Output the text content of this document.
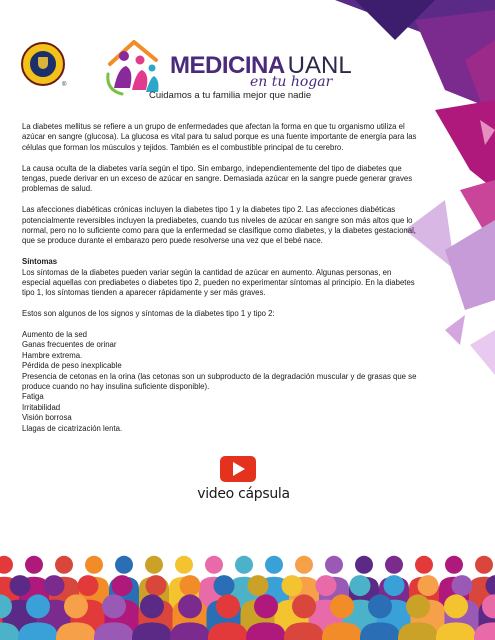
®
MEDICINA UANL
en tu hogar
Cuidamos a tu familia mejor que nadie

La diabetes mellitus se refiere a un grupo de enfermedades que afectan la forma en que tu organismo utiliza el azúcar en sangre (glucosa). La glucosa es vital para tu salud porque es una fuente importante de energía para las células que forman los músculos y tejidos. También es el combustible principal de tu cerebro.

La causa oculta de la diabetes varía según el tipo. Sin embargo, independientemente del tipo de diabetes que tengas, puede derivar en un exceso de azúcar en sangre. Demasiada azúcar en la sangre puede generar graves problemas de salud.

Las afecciones diabéticas crónicas incluyen la diabetes tipo 1 y la diabetes tipo 2. Las afecciones diabéticas potencialmente reversibles incluyen la prediabetes, cuando tus niveles de azúcar en sangre son más altos que lo normal, pero no lo suficiente como para que la enfermedad se clasifique como diabetes, y la diabetes gestacional, que se produce durante el embarazo pero puede resolverse una vez que el bebé nace.

Síntomas

Los síntomas de la diabetes pueden variar según la cantidad de azúcar en aumento. Algunas personas, en especial aquellas con prediabetes o diabetes tipo 2, pueden no experimentar síntomas al principio. En la diabetes tipo 1, los síntomas tienden a aparecer rápidamente y ser más graves.

Estos son algunos de los signos y síntomas de la diabetes tipo 1 y tipo 2:

Aumento de la sed
Ganas frecuentes de orinar
Hambre extrema.
Pérdida de peso inexplicable
Presencia de cetonas en la orina (las cetonas son un subproducto de la degradación muscular y de grasas que se produce cuando no hay insulina suficiente disponible).
Fatiga
Irritabilidad
Visión borrosa
Llagas de cicatrización lenta.
video cápsula
